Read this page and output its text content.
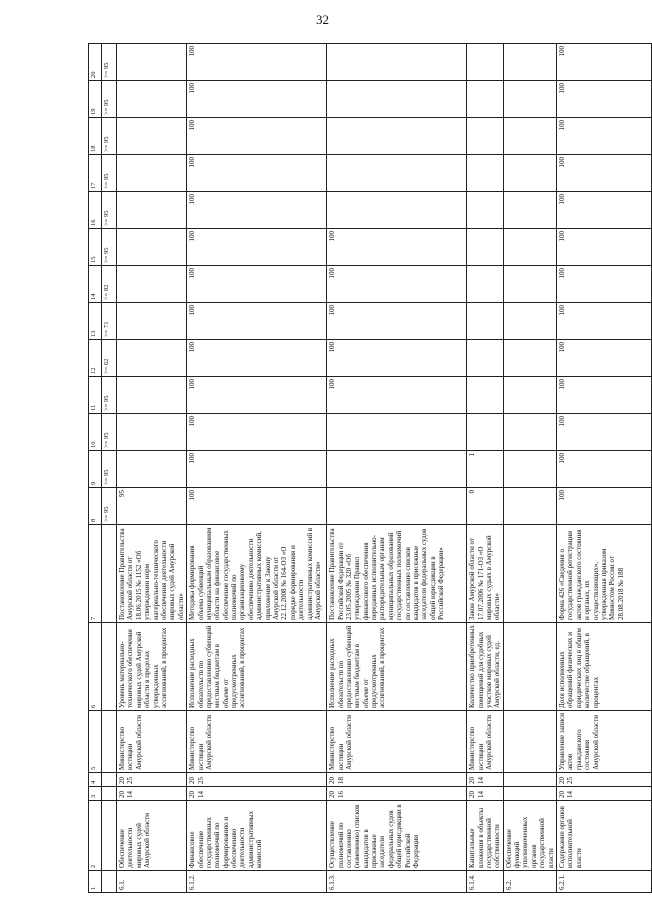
32
1	2	3	4	5	6	7	8	9	10	11	12	13	14	15	16	17	18	19	20
							>= 95	>= 95	>= 95	>= 95	>= 62	>= 71	>= 82	>= 95	>= 95	>= 95	>= 95	>= 95	>= 95
6.1.	Обеспечение деятельности мировых судей Амурской области	2014	2025	Министерство юстиции Амурской области	Уровень материально-технического обеспечения мировых судей Амурской области в пределах утвержденных ассигнований, в процентах	Постановление Правительства Амурской области от 18.06.2015 № 1152 «Об утверждении норм материально-технического обеспечения деятельности мировых судей Амурской области»	95												
6.1.2.	Финансовое обеспечение государственных полномочий по формированию и обеспечению деятельности административных комиссий	2014	2025	Министерство юстиции Амурской области	Исполнение расходных обязательств по предоставлению субвенций местным бюджетам в объеме от предусмотренных ассигнований, в процентах	Методика формирования объема субвенций муниципальным образованиям области на финансовое обеспечение государственных полномочий по организационному обеспечению деятельности административных комиссий, приложение к Закону Амурской области от 22.12.2008 № 164-ОЗ «О порядке формирования и деятельности административных комиссий в Амурской области»	100	100	100	100	100	100	100	100	100	100	100	100	100
6.1.3.	Осуществление полномочий по составлению (изменению) списков кандидатов в присяжные заседатели федеральных судов общей юрисдикции в Российской Федерации	2016	2018	Министерство юстиции Амурской области	Исполнение расходных обязательств по предоставлению субвенций местным бюджетам в объеме от предусмотренных ассигнований, в процентах	Постановление Правительства Российской Федерации от 23.05.2005 № 320 «Об утверждении Правил финансового обеспечения переданных исполнительно-распорядительным органам муниципальных образований государственных полномочий по составлению списков кандидатов в присяжные заседатели федеральных судов общей юрисдикции в Российской Федерации»				100	100	100	100	100					
6.1.4.	Капитальные вложения в объекты государственной собственности	2014	2014	Министерство юстиции Амурской области	Количество приобретенных помещений для судебных участков мировых судей Амурской области, ед.	Закон Амурской области от 17.07.2006 № 171-ОЗ «О мировых судьях в Амурской области»	0	1											
6.2.	Обеспечение функций уполномоченных органов государственной власти																		
6.2.1.	Содержание органов исполнительной власти	2014	2025	Управление записи актов гражданского состояния Амурской области	Доля исполненных обращений физических и юридических лиц в общем количестве обращений, в процентах	Форма 426 «Сведения о государственной регистрации актов гражданского состояния и органах, их осуществляющих», утвержденная приказом Минюстом России от 28.08.2018 № 188	100	100	100	100	100	100	100	100	100	100	100	100	100
